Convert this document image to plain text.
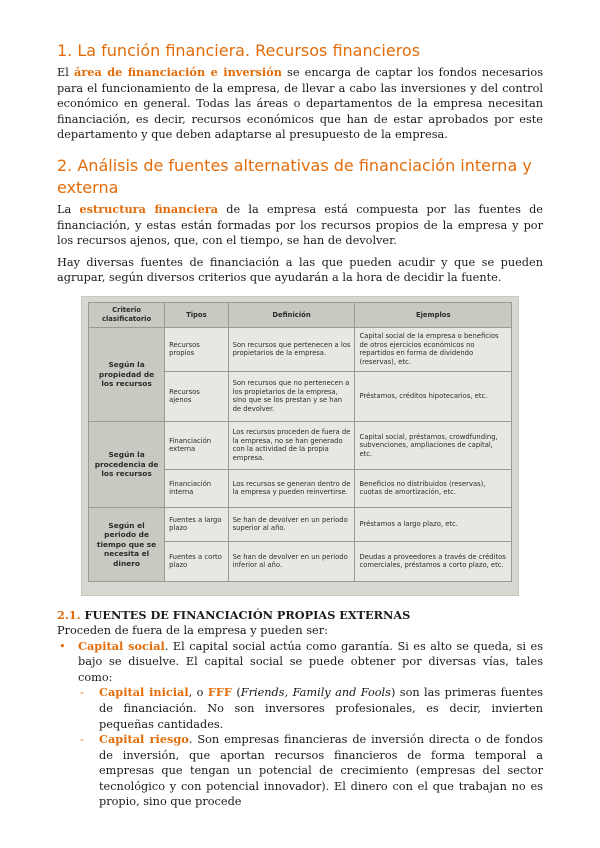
1. La función financiera. Recursos financieros

El área de financiación e inversión se encarga de captar los fondos necesarios para el funcionamiento de la empresa, de llevar a cabo las inversiones y del control económico en general. Todas las áreas o departamentos de la empresa necesitan financiación, es decir, recursos económicos que han de estar aprobados por este departamento y que deben adaptarse al presupuesto de la empresa.

2. Análisis de fuentes alternativas de financiación interna y externa

La estructura financiera de la empresa está compuesta por las fuentes de financiación, y estas están formadas por los recursos propios de la empresa y por los recursos ajenos, que, con el tiempo, se han de devolver.

Hay diversas fuentes de financiación a las que pueden acudir y que se pueden agrupar, según diversos criterios que ayudarán a la hora de decidir la fuente.

Criterio clasificatorio	Tipos	Definición	Ejemplos
Según la propiedad de los recursos	Recursos propios	Son recursos que pertenecen a los propietarios de la empresa.	Capital social de la empresa o beneficios de otros ejercicios económicos no repartidos en forma de dividendo (reservas), etc.
	Recursos ajenos	Son recursos que no pertenecen a los propietarios de la empresa, sino que se los prestan y se han de devolver.	Préstamos, créditos hipotecarios, etc.
Según la procedencia de los recursos	Financiación externa	Los recursos proceden de fuera de la empresa, no se han generado con la actividad de la propia empresa.	Capital social, préstamos, crowdfunding, subvenciones, ampliaciones de capital, etc.
	Financiación interna	Los recursos se generan dentro de la empresa y pueden reinvertirse.	Beneficios no distribuidos (reservas), cuotas de amortización, etc.
Según el periodo de tiempo que se necesita el dinero	Fuentes a largo plazo	Se han de devolver en un periodo superior al año.	Préstamos a largo plazo, etc.
	Fuentes a corto plazo	Se han de devolver en un periodo inferior al año.	Deudas a proveedores a través de créditos comerciales, préstamos a corto plazo, etc.
2.1. FUENTES DE FINANCIACIÓN PROPIAS EXTERNAS

Proceden de fuera de la empresa y pueden ser:

• Capital social. El capital social actúa como garantía. Si es alto se queda, si es bajo se disuelve. El capital social se puede obtener por diversas vías, tales como:
- Capital inicial, o FFF (Friends, Family and Fools) son las primeras fuentes de financiación. No son inversores profesionales, es decir, invierten pequeñas cantidades.
- Capital riesgo. Son empresas financieras de inversión directa o de fondos de inversión, que aportan recursos financieros de forma temporal a empresas que tengan un potencial de crecimiento (empresas del sector tecnológico y con potencial innovador). El dinero con el que trabajan no es propio, sino que procede
